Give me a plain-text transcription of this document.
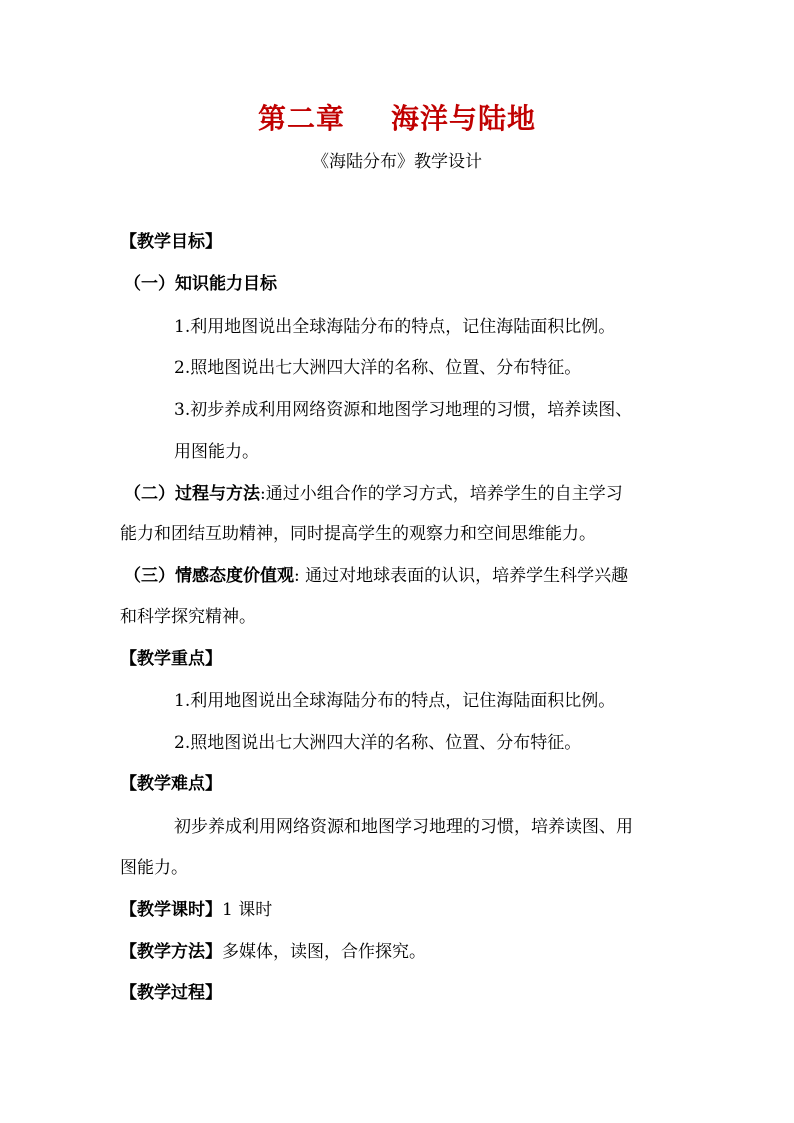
第二章 海洋与陆地
《海陆分布》教学设计
【教学目标】
（一）知识能力目标
1.利用地图说出全球海陆分布的特点，记住海陆面积比例。
2.照地图说出七大洲四大洋的名称、位置、分布特征。
3.初步养成利用网络资源和地图学习地理的习惯，培养读图、
用图能力。
（二）过程与方法:通过小组合作的学习方式，培养学生的自主学习
能力和团结互助精神，同时提高学生的观察力和空间思维能力。
（三）情感态度价值观: 通过对地球表面的认识，培养学生科学兴趣
和科学探究精神。
【教学重点】
1.利用地图说出全球海陆分布的特点，记住海陆面积比例。
2.照地图说出七大洲四大洋的名称、位置、分布特征。
【教学难点】
初步养成利用网络资源和地图学习地理的习惯，培养读图、用
图能力。
【教学课时】1 课时
【教学方法】多媒体，读图，合作探究。
【教学过程】
